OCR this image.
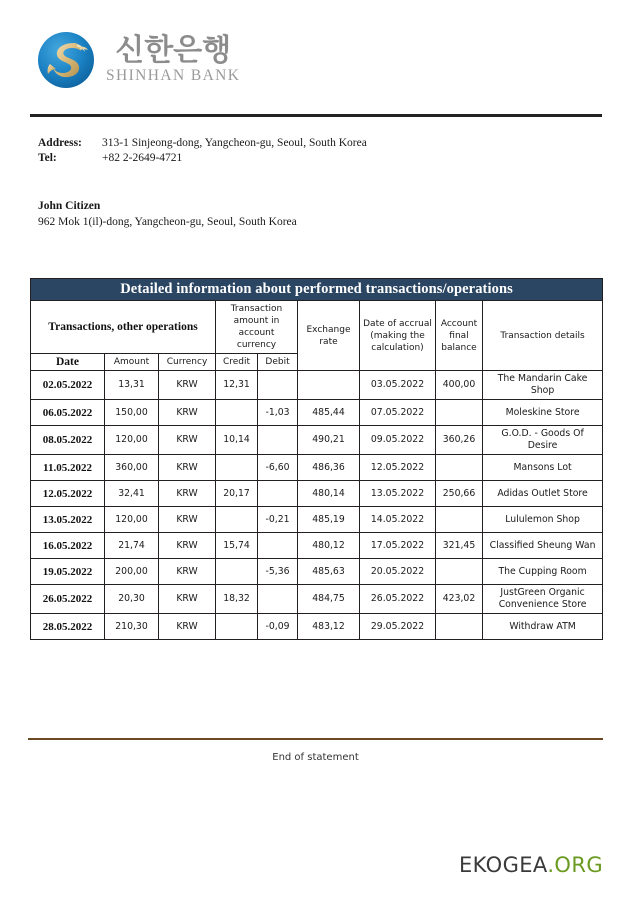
신한은행
SHINHAN BANK
Address:	313-1 Sinjeong-dong, Yangcheon-gu, Seoul, South Korea
Tel:	+82 2-2649-4721
John Citizen
962 Mok 1(il)-dong, Yangcheon-gu, Seoul, South Korea
Detailed information about performed transactions/operations								
Transactions, other operations			Transaction amount in account currency		Exchange rate	Date of accrual (making the calculation)	Account final balance	Transaction details
Date	Amount	Currency	Credit	Debit				
02.05.2022	13,31	KRW	12,31			03.05.2022	400,00	The Mandarin Cake Shop
06.05.2022	150,00	KRW		-1,03	485,44	07.05.2022		Moleskine Store
08.05.2022	120,00	KRW	10,14		490,21	09.05.2022	360,26	G.O.D. - Goods Of Desire
11.05.2022	360,00	KRW		-6,60	486,36	12.05.2022		Mansons Lot
12.05.2022	32,41	KRW	20,17		480,14	13.05.2022	250,66	Adidas Outlet Store
13.05.2022	120,00	KRW		-0,21	485,19	14.05.2022		Lululemon Shop
16.05.2022	21,74	KRW	15,74		480,12	17.05.2022	321,45	Classified Sheung Wan
19.05.2022	200,00	KRW		-5,36	485,63	20.05.2022		The Cupping Room
26.05.2022	20,30	KRW	18,32		484,75	26.05.2022	423,02	JustGreen Organic Convenience Store
28.05.2022	210,30	KRW		-0,09	483,12	29.05.2022		Withdraw ATM
End of statement
EKOGEA.ORG
